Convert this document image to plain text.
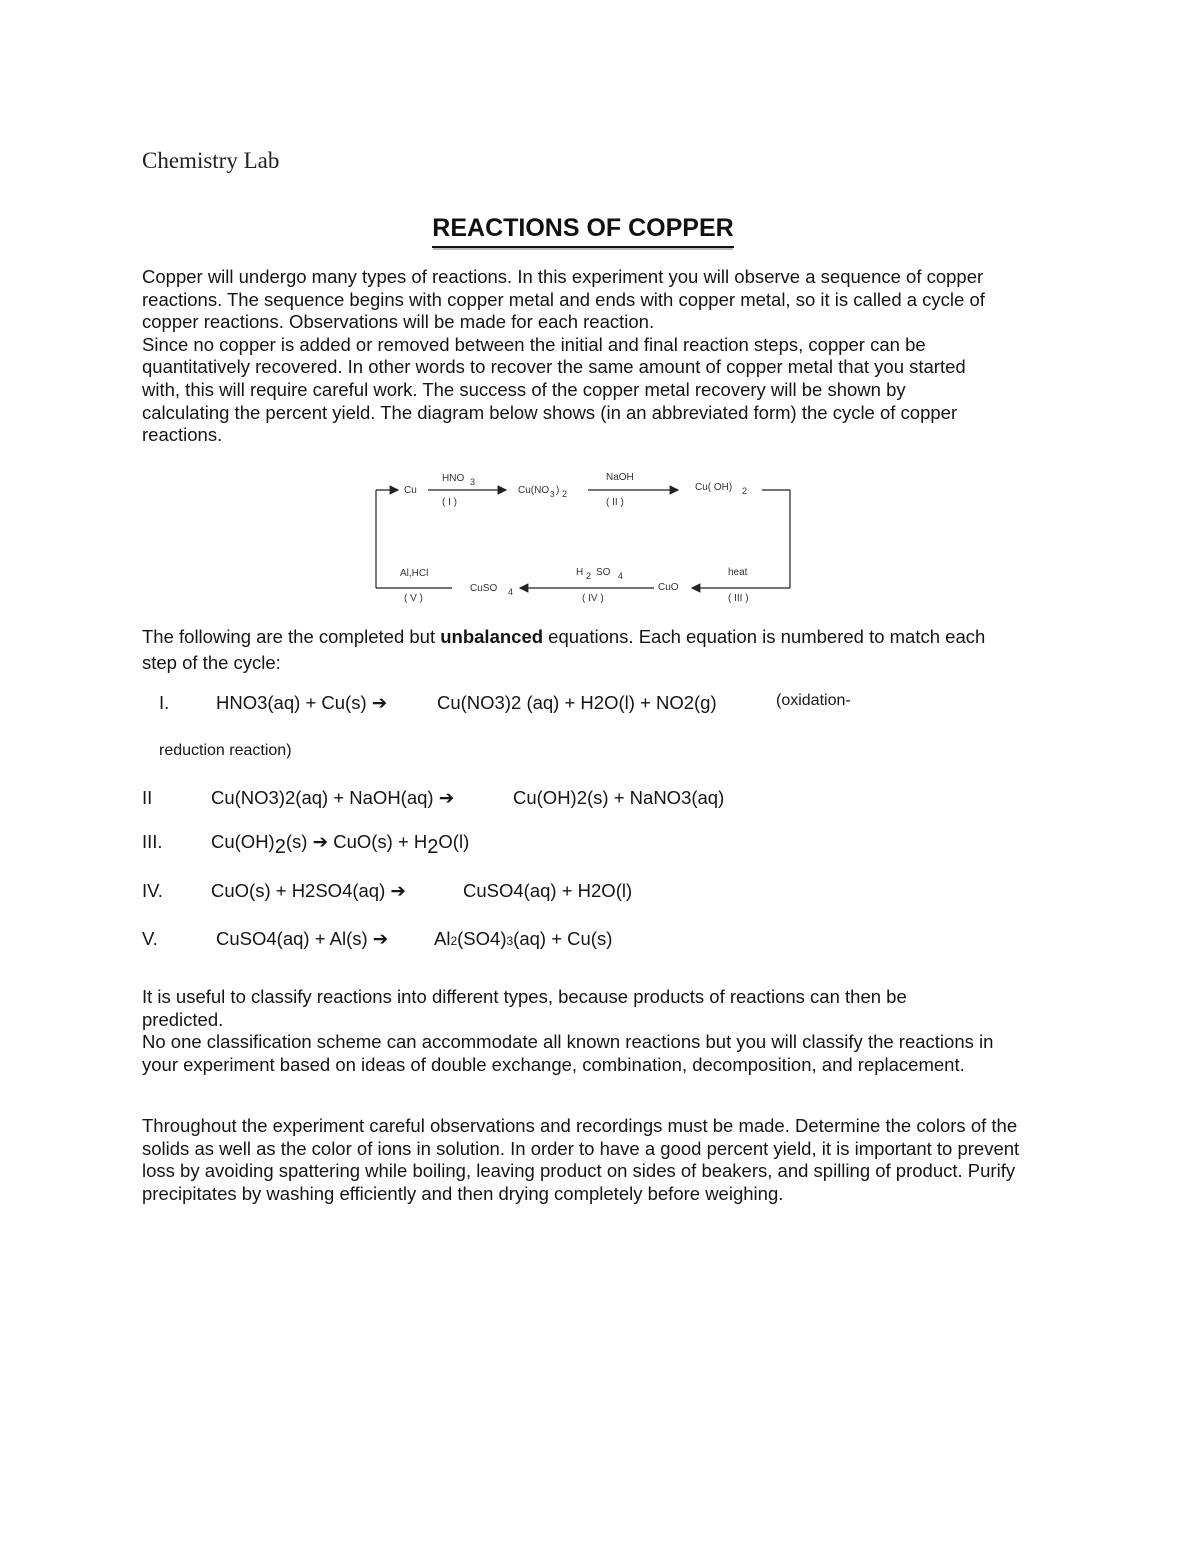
Chemistry Lab
REACTIONS OF COPPER

Copper will undergo many types of reactions. In this experiment you will observe a sequence of copper reactions. The sequence begins with copper metal and ends with copper metal, so it is called a cycle of copper reactions. Observations will be made for each reaction.

Since no copper is added or removed between the initial and final reaction steps, copper can be quantitatively recovered. In other words to recover the same amount of copper metal that you started with, this will require careful work. The success of the copper metal recovery will be shown by calculating the percent yield. The diagram below shows (in an abbreviated form) the cycle of copper reactions.

Cu
HNO 3
( I )
Cu(NO 3 ) 2
NaOH
( II )
Cu( OH) 2
Al,HCl
( V )
CuSO 4
H 2 SO 4
( IV )
CuO
heat
( III )

The following are the completed but unbalanced equations. Each equation is numbered to match each step of the cycle:

I.	HNO3(aq) + Cu(s) ➔	Cu(NO3)2 (aq) + H2O(l) + NO2(g)	(oxidation-
reduction reaction)
II	Cu(NO3)2(aq) + NaOH(aq) ➔	Cu(OH)2(s) + NaNO3(aq)
III.	Cu(OH)2(s) ➔ CuO(s) + H2O(l)
IV.	CuO(s) + H2SO4(aq) ➔	CuSO4(aq) + H2O(l)
V.	CuSO4(aq) + Al(s) ➔ Al2(SO4)3(aq) + Cu(s)

It is useful to classify reactions into different types, because products of reactions can then be predicted.

No one classification scheme can accommodate all known reactions but you will classify the reactions in your experiment based on ideas of double exchange, combination, decomposition, and replacement.

Throughout the experiment careful observations and recordings must be made. Determine the colors of the solids as well as the color of ions in solution. In order to have a good percent yield, it is important to prevent loss by avoiding spattering while boiling, leaving product on sides of beakers, and spilling of product. Purify precipitates by washing efficiently and then drying completely before weighing.
